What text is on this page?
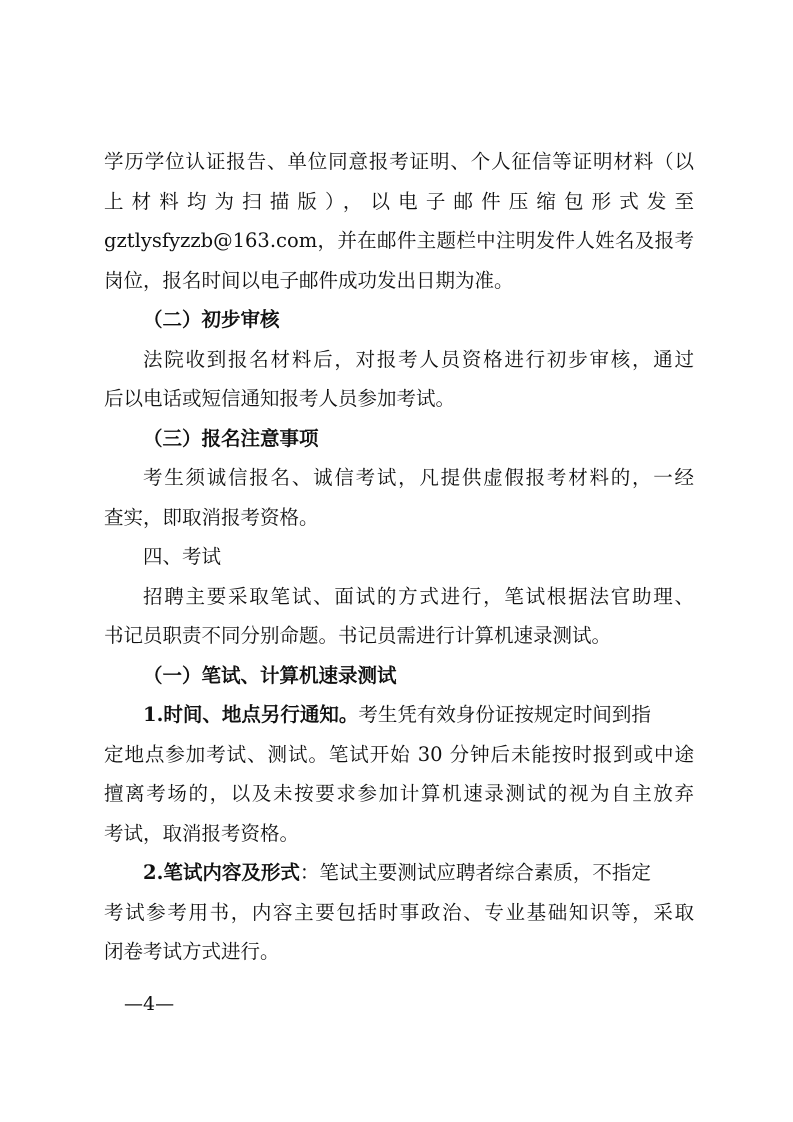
学历学位认证报告、单位同意报考证明、个人征信等证明材料（以
上材料均为扫描版），以电子邮件压缩包形式发至
gztlysfyzzb@163.com，并在邮件主题栏中注明发件人姓名及报考
岗位，报名时间以电子邮件成功发出日期为准。
（二）初步审核
法院收到报名材料后，对报考人员资格进行初步审核，通过
后以电话或短信通知报考人员参加考试。
（三）报名注意事项
考生须诚信报名、诚信考试，凡提供虚假报考材料的，一经
查实，即取消报考资格。
四、考试
招聘主要采取笔试、面试的方式进行，笔试根据法官助理、
书记员职责不同分别命题。书记员需进行计算机速录测试。
（一）笔试、计算机速录测试
1.时间、地点另行通知。考生凭有效身份证按规定时间到指
定地点参加考试、测试。笔试开始 30 分钟后未能按时报到或中途
擅离考场的，以及未按要求参加计算机速录测试的视为自主放弃
考试，取消报考资格。
2.笔试内容及形式：笔试主要测试应聘者综合素质，不指定
考试参考用书，内容主要包括时事政治、专业基础知识等，采取
闭卷考试方式进行。
—4—
